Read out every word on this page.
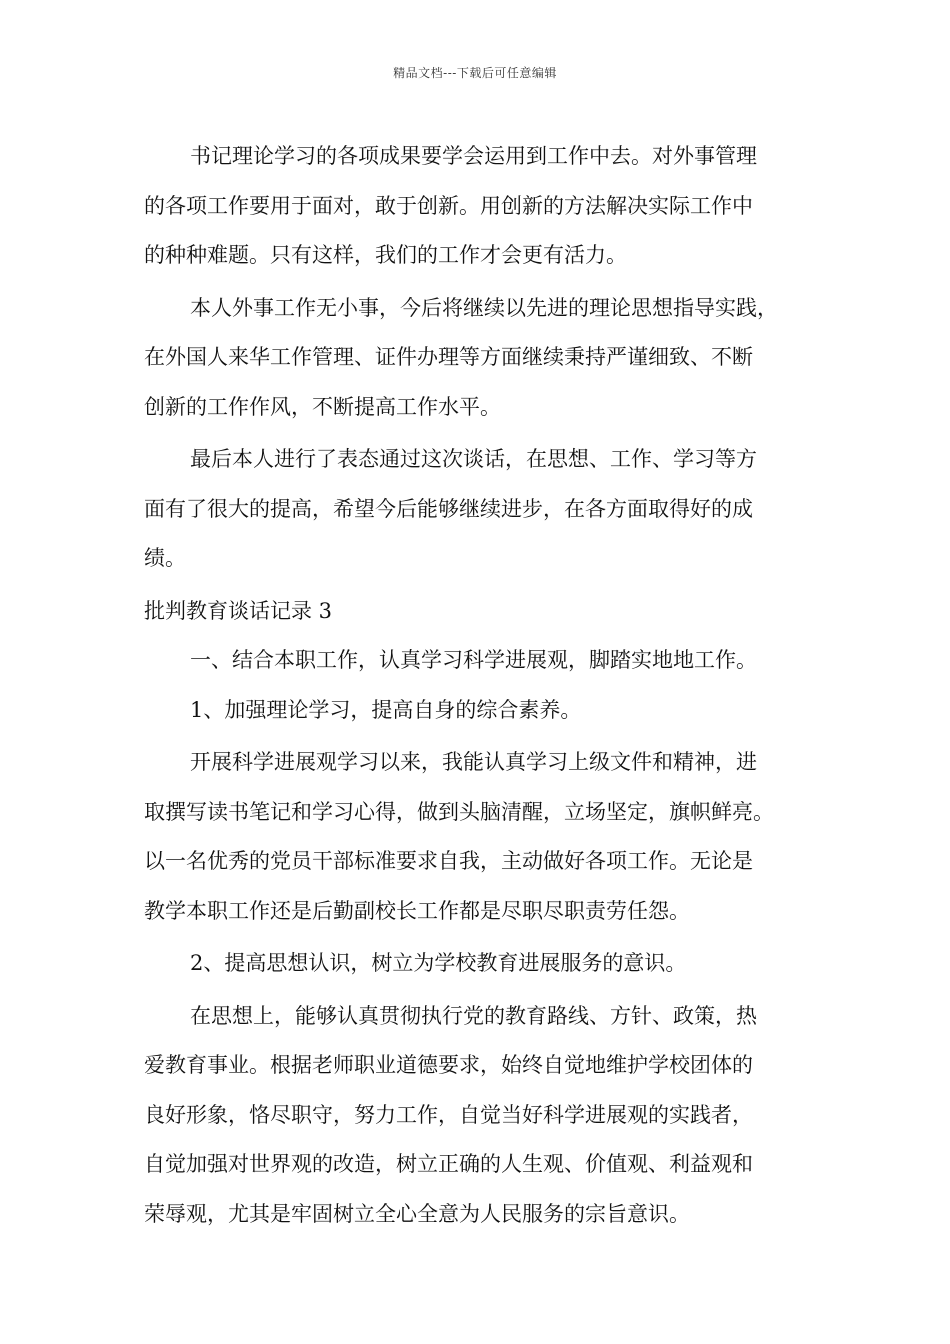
精品文档---下载后可任意编辑

书记理论学习的各项成果要学会运用到工作中去。对外事管理

的各项工作要用于面对，敢于创新。用创新的方法解决实际工作中

的种种难题。只有这样，我们的工作才会更有活力。

本人外事工作无小事，今后将继续以先进的理论思想指导实践，

在外国人来华工作管理、证件办理等方面继续秉持严谨细致、不断

创新的工作作风，不断提高工作水平。

最后本人进行了表态通过这次谈话，在思想、工作、学习等方

面有了很大的提高，希望今后能够继续进步，在各方面取得好的成

绩。

批判教育谈话记录 3

一、结合本职工作，认真学习科学进展观，脚踏实地地工作。

1、加强理论学习，提高自身的综合素养。

开展科学进展观学习以来，我能认真学习上级文件和精神，进

取撰写读书笔记和学习心得，做到头脑清醒，立场坚定，旗帜鲜亮。

以一名优秀的党员干部标准要求自我，主动做好各项工作。无论是

教学本职工作还是后勤副校长工作都是尽职尽职责劳任怨。

2、提高思想认识，树立为学校教育进展服务的意识。

在思想上，能够认真贯彻执行党的教育路线、方针、政策，热

爱教育事业。根据老师职业道德要求，始终自觉地维护学校团体的

良好形象，恪尽职守，努力工作，自觉当好科学进展观的实践者，

自觉加强对世界观的改造，树立正确的人生观、价值观、利益观和

荣辱观，尤其是牢固树立全心全意为人民服务的宗旨意识。
